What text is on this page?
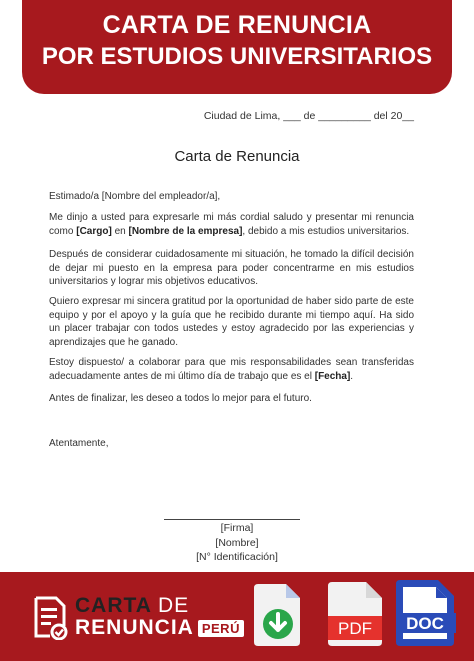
CARTA DE RENUNCIA
POR ESTUDIOS UNIVERSITARIOS
Ciudad de Lima, ___ de _________ del 20__
Carta de Renuncia
Estimado/a [Nombre del empleador/a],
Me dinjo a usted para expresarle mi más cordial saludo y presentar mi renuncia como [Cargo] en [Nombre de la empresa], debido a mis estudios universitarios.
Después de considerar cuidadosamente mi situación, he tomado la difícil decisión de dejar mi puesto en la empresa para poder concentrarme en mis estudios universitarios y lograr mis objetivos educativos.
Quiero expresar mi sincera gratitud por la oportunidad de haber sido parte de este equipo y por el apoyo y la guía que he recibido durante mi tiempo aquí. Ha sido un placer trabajar con todos ustedes y estoy agradecido por las experiencias y aprendizajes que he ganado.
Estoy dispuesto/ a colaborar para que mis responsabilidades sean transferidas adecuadamente antes de mi último día de trabajo que es el [Fecha].
Antes de finalizar, les deseo a todos lo mejor para el futuro.
Atentamente,
[Firma]
[Nombre]
[N° Identificación]
CARTA DE
RENUNCIA PERÚ	PDF DOC
